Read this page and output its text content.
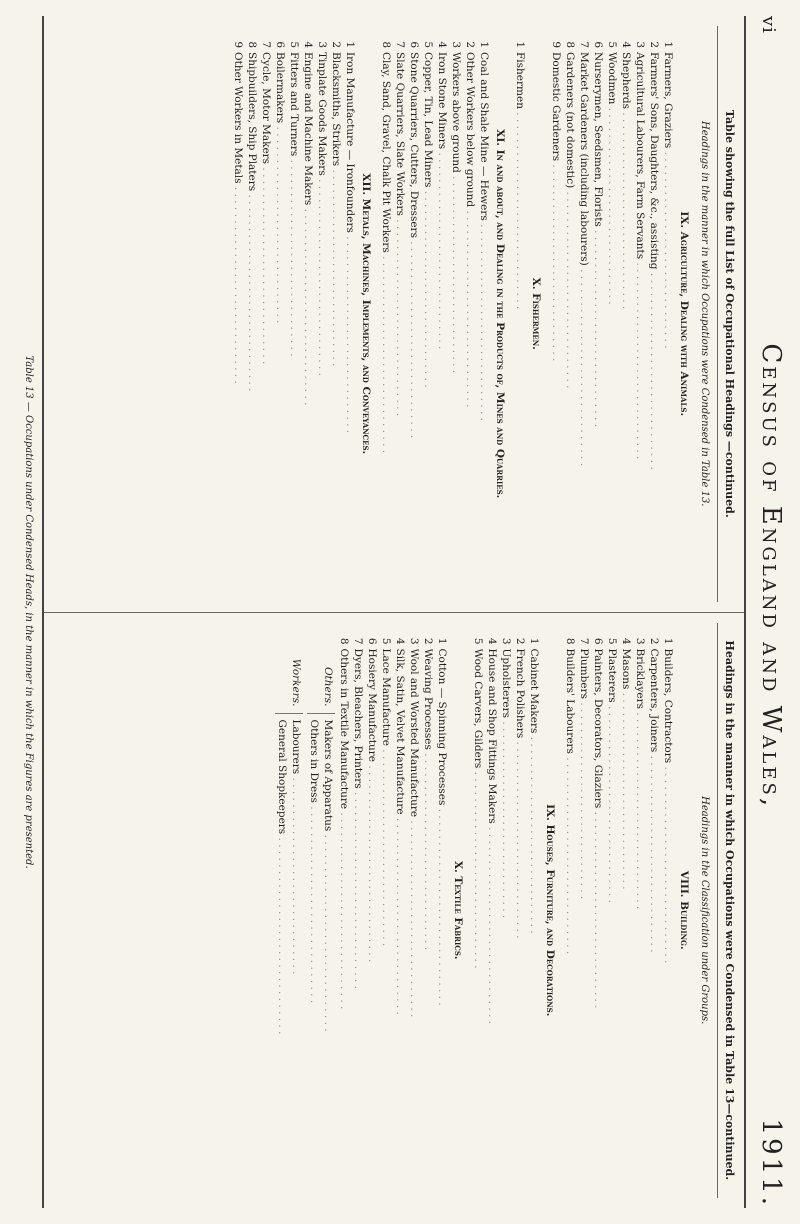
vi
Census of England and Wales,
1911.
Table showing the full List of Occupational Headings —continued.
Headings in the manner in which Occupations were Condensed in Table 13.
IX. Agriculture, Dealing with Animals.
1
Farmers, Graziers . . .
2
Farmers' Sons, Daughters, &c., assisting . . .
3
Agricultural Labourers, Farm Servants . . .
4
Shepherds . . .
5
Woodmen . . .
6
Nurserymen, Seedsmen, Florists . . .
7
Market Gardeners (including labourers) . . .
8
Gardeners (not domestic) . . .
9
Domestic Gardeners . . .
X. Fishermen.
1
Fishermen . . .
XI. In and about, and Dealing in the Products of, Mines and Quarries.
1
Coal and Shale Mine — Hewers . . .
2
Other Workers below ground . . .
3
Workers above ground . . .
4
Iron Stone Miners . . .
5
Copper, Tin, Lead Miners . . .
6
Stone Quarriers, Cutters, Dressers . . .
7
Slate Quarriers, Slate Workers . . .
8
Clay, Sand, Gravel, Chalk Pit Workers . . .
XII. Metals, Machines, Implements, and Conveyances.
1
Iron Manufacture — Ironfounders . . .
2
Blacksmiths, Strikers . . .
3
Tinplate Goods Makers . . .
4
Engine and Machine Makers . . .
5
Fitters and Turners . . .
6
Boilermakers . . .
7
Cycle, Motor Makers . . .
8
Shipbuilders, Ship Platers . . .
9
Other Workers in Metals . . .
Headings in the manner in which Occupations were Condensed in Table 13—continued.
Headings in the Classification under Groups.
VIII. Building.
1
Builders, Contractors . . .
2
Carpenters, Joiners . . .
3
Bricklayers . . .
4
Masons . . .
5
Plasterers . . .
6
Painters, Decorators, Glaziers . . .
7
Plumbers . . .
8
Builders' Labourers . . .
IX. Houses, Furniture, and Decorations.
1
Cabinet Makers . . .
2
French Polishers . . .
3
Upholsterers . . .
4
House and Shop Fittings Makers . . .
5
Wood Carvers, Gilders . . .
X. Textile Fabrics.
1
Cotton — Spinning Processes . . .
2
Weaving Processes . . .
3
Wool and Worsted Manufacture . . .
4
Silk, Satin, Velvet Manufacture . . .
5
Lace Manufacture . . .
6
Hosiery Manufacture . . .
7
Dyers, Bleachers, Printers . . .
8
Others in Textile Manufacture . . .
Others.
Makers of Apparatus . . .
Others in Dress . . .
Workers.
Labourers . . .
General Shopkeepers . . .
Table 13 — Occupations under Condensed Heads, in the manner in which the Figures are presented.
